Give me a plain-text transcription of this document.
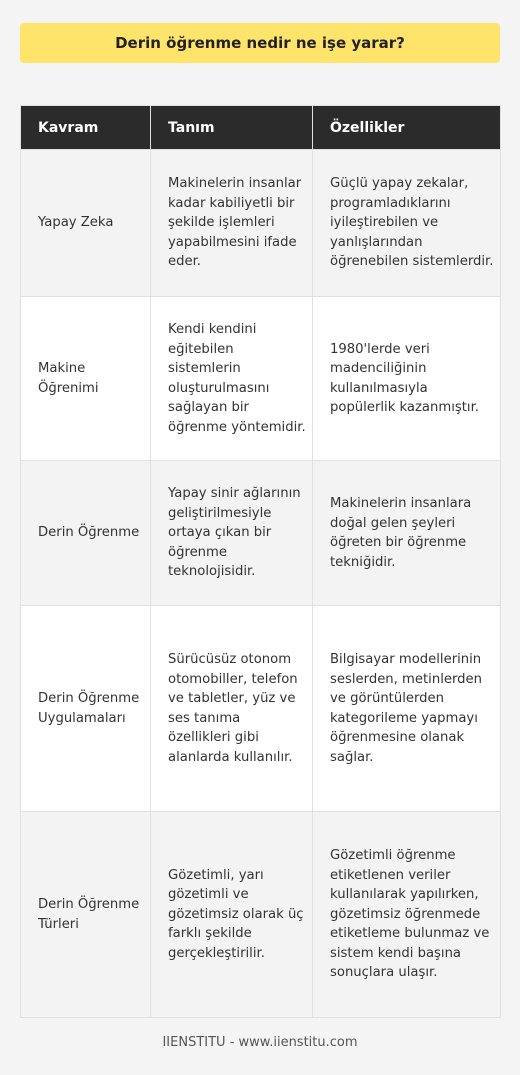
Derin öğrenme nedir ne işe yarar?
Kavram	Tanım	Özellikler
Yapay Zeka	Makinelerin insanlar kadar kabiliyetli bir şekilde işlemleri yapabilmesini ifade eder.	Güçlü yapay zekalar, programladıklarını iyileştirebilen ve yanlışlarından öğrenebilen sistemlerdir.
Makine Öğrenimi	Kendi kendini eğitebilen sistemlerin oluşturulmasını sağlayan bir öğrenme yöntemidir.	1980'lerde veri madenciliğinin kullanılmasıyla popülerlik kazanmıştır.
Derin Öğrenme	Yapay sinir ağlarının geliştirilmesiyle ortaya çıkan bir öğrenme teknolojisidir.	Makinelerin insanlara doğal gelen şeyleri öğreten bir öğrenme tekniğidir.
Derin Öğrenme Uygulamaları	Sürücüsüz otonom otomobiller, telefon ve tabletler, yüz ve ses tanıma özellikleri gibi alanlarda kullanılır.	Bilgisayar modellerinin seslerden, metinlerden ve görüntülerden kategorileme yapmayı öğrenmesine olanak sağlar.
Derin Öğrenme Türleri	Gözetimli, yarı gözetimli ve gözetimsiz olarak üç farklı şekilde gerçekleştirilir.	Gözetimli öğrenme etiketlenen veriler kullanılarak yapılırken, gözetimsiz öğrenmede etiketleme bulunmaz ve sistem kendi başına sonuçlara ulaşır.
IIENSTITU - www.iienstitu.com
